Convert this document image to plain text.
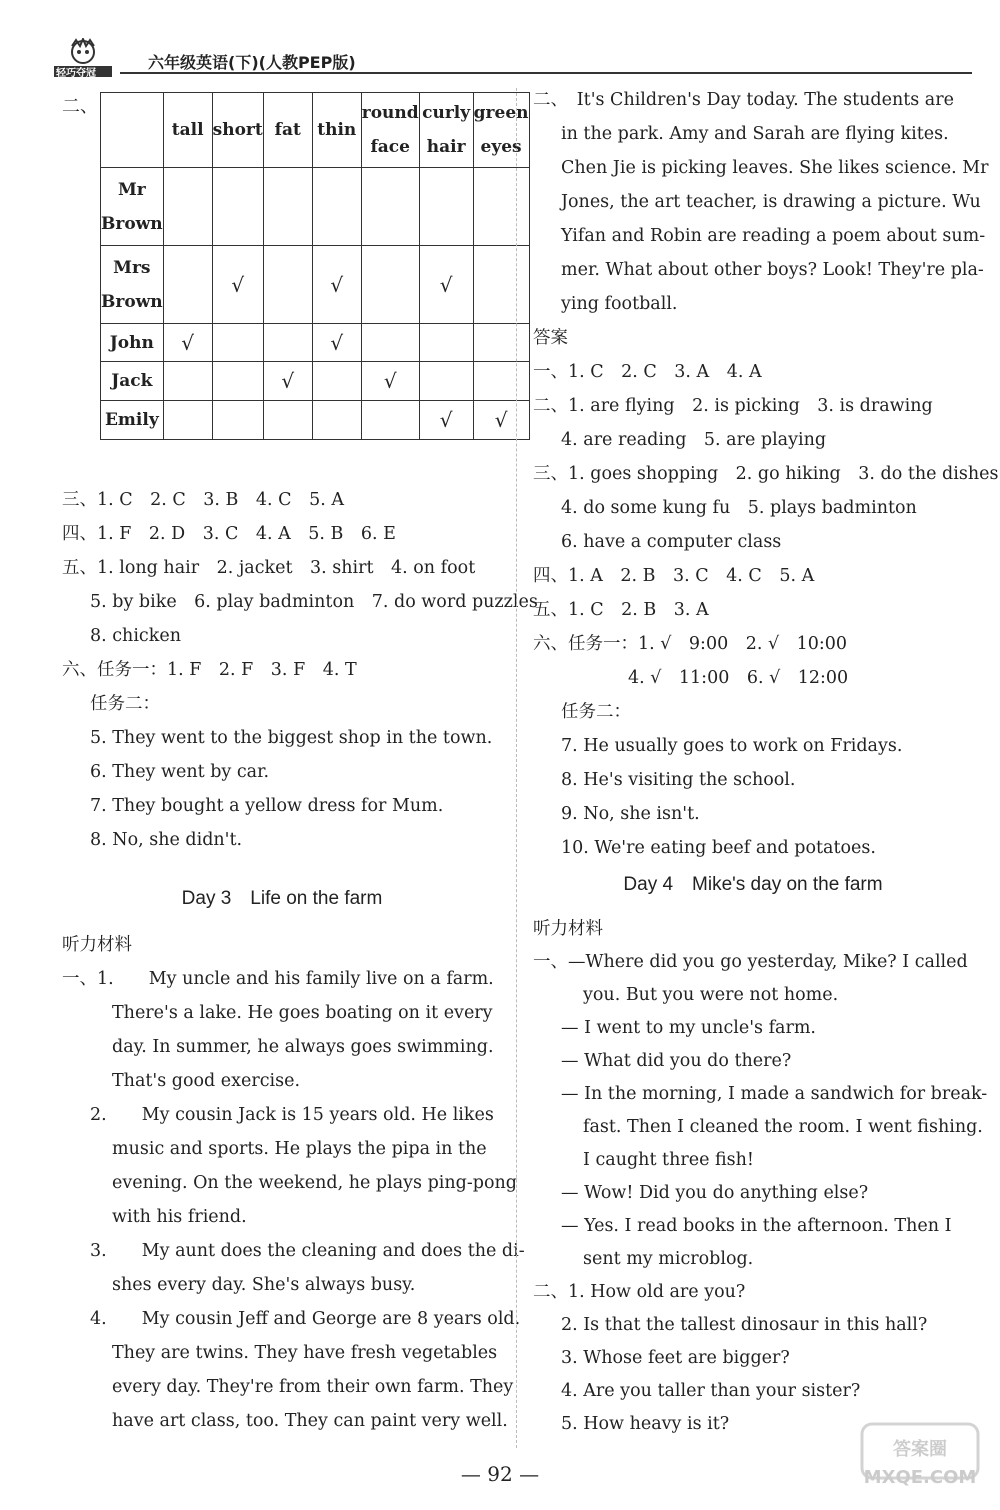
轻巧夺冠
六年级英语(下)(人教PEP版)
二、
	tall	short	fat	thin	round face	curly hair	green eyes
Mr Brown							
Mrs Brown		√		√		√	
John	√			√			
Jack			√		√		
Emily						√	√

三、1. C　2. C　3. B　4. C　5. A

四、1. F　2. D　3. C　4. A　5. B　6. E

五、1. long hair　2. jacket　3. shirt　4. on foot

5. by bike　6. play badminton　7. do word puzzles

8. chicken

六、任务一：1. F　2. F　3. F　4. T

任务二：

5. They went to the biggest shop in the town.

6. They went by car.

7. They bought a yellow dress for Mum.

8. No, she didn't.

Day 3　Life on the farm

听力材料

一、1.　　My uncle and his family live on a farm.

There's a lake. He goes boating on it every

day. In summer, he always goes swimming.

That's good exercise.

2.　　My cousin Jack is 15 years old. He likes

music and sports. He plays the pipa in the

evening. On the weekend, he plays ping-pong

with his friend.

3.　　My aunt does the cleaning and does the di-

shes every day. She's always busy.

4.　　My cousin Jeff and George are 8 years old.

They are twins. They have fresh vegetables

every day. They're from their own farm. They

have art class, too. They can paint very well.

二、　It's Children's Day today. The students are

in the park. Amy and Sarah are flying kites.

Chen Jie is picking leaves. She likes science. Mr

Jones, the art teacher, is drawing a picture. Wu

Yifan and Robin are reading a poem about sum-

mer. What about other boys? Look! They're pla-

ying football.

答案

一、1. C　2. C　3. A　4. A

二、1. are flying　2. is picking　3. is drawing

4. are reading　5. are playing

三、1. goes shopping　2. go hiking　3. do the dishes

4. do some kung fu　5. plays badminton

6. have a computer class

四、1. A　2. B　3. C　4. C　5. A

五、1. C　2. B　3. A

六、任务一：1. √　9:00　2. √　10:00

4. √　11:00　6. √　12:00

任务二：

7. He usually goes to work on Fridays.

8. He's visiting the school.

9. No, she isn't.

10. We're eating beef and potatoes.

Day 4　Mike's day on the farm

听力材料

一、—Where did you go yesterday, Mike? I called

you. But you were not home.

— I went to my uncle's farm.

— What did you do there?

— In the morning, I made a sandwich for break-

fast. Then I cleaned the room. I went fishing.

I caught three fish!

— Wow! Did you do anything else?

— Yes. I read books in the afternoon. Then I

sent my microblog.

二、1. How old are you?

2. Is that the tallest dinosaur in this hall?

3. Whose feet are bigger?

4. Are you taller than your sister?

5. How heavy is it?

— 92 —
答案圈 MXQE.COM
